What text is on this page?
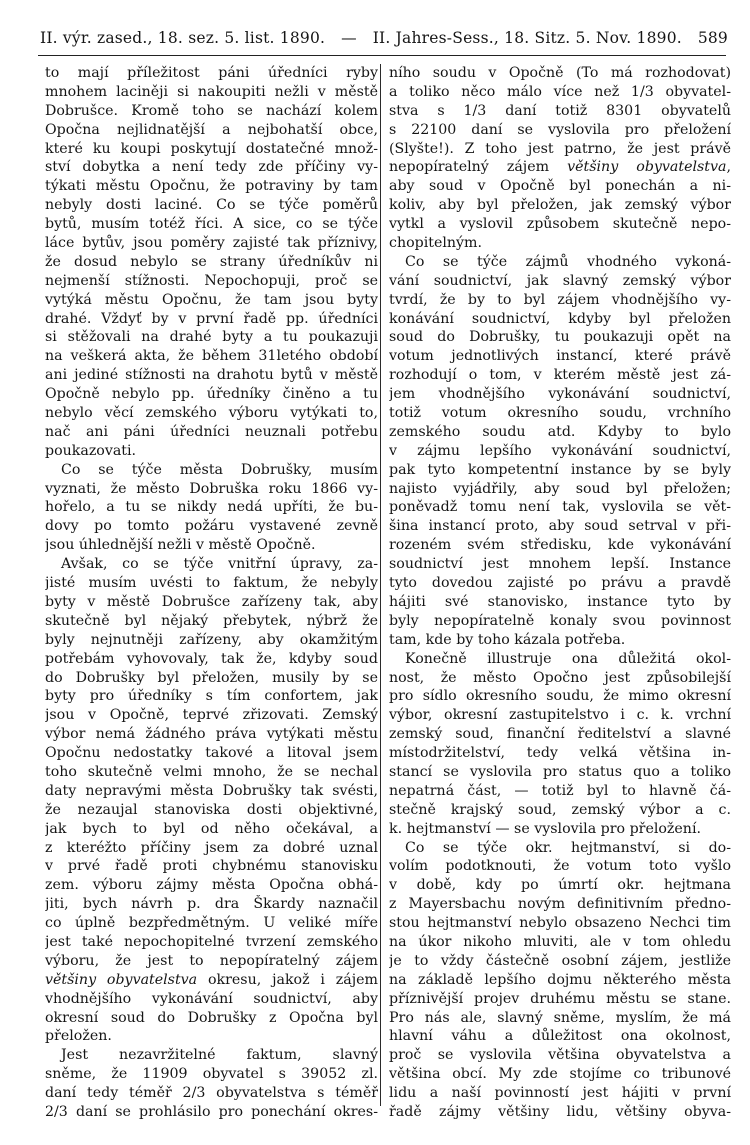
II. výr. zased., 18. sez. 5. list. 1890. — II. Jahres-Sess., 18. Sitz. 5. Nov. 1890. 589
to mají příležitost páni úředníci ryby
mnohem laciněji si nakoupiti nežli v městě
Dobrušce. Kromě toho se nachází kolem
Opočna nejlidnatější a nejbohatší obce,
které ku koupi poskytují dostatečné množ-
ství dobytka a není tedy zde příčiny vy-
týkati městu Opočnu, že potraviny by tam
nebyly dosti laciné. Co se týče poměrů
bytů, musím totéž říci. A sice, co se týče
láce bytův, jsou poměry zajisté tak příznivy,
že dosud nebylo se strany úředníkův ni
nejmenší stížnosti. Nepochopuji, proč se
vytýká městu Opočnu, že tam jsou byty
drahé. Vždyť by v první řadě pp. úředníci
si stěžovali na drahé byty a tu poukazuji
na veškerá akta, že během 31letého období
ani jediné stížnosti na drahotu bytů v městě
Opočně nebylo pp. úředníky činěno a tu
nebylo věcí zemského výboru vytýkati to,
nač ani páni úředníci neuznali potřebu
poukazovati.
Co se týče města Dobrušky, musím
vyznati, že město Dobruška roku 1866 vy-
hořelo, a tu se nikdy nedá upříti, že bu-
dovy po tomto požáru vystavené zevně
jsou úhlednější nežli v městě Opočně.
Avšak, co se týče vnitřní úpravy, za-
jisté musím uvésti to faktum, že nebyly
byty v městě Dobrušce zařízeny tak, aby
skutečně byl nějaký přebytek, nýbrž že
byly nejnutněji zařízeny, aby okamžitým
potřebám vyhovovaly, tak že, kdyby soud
do Dobrušky byl přeložen, musily by se
byty pro úředníky s tím confortem, jak
jsou v Opočně, teprvé zřizovati. Zemský
výbor nemá žádného práva vytýkati městu
Opočnu nedostatky takové a litoval jsem
toho skutečně velmi mnoho, že se nechal
daty nepravými města Dobrušky tak svésti,
že nezaujal stanoviska dosti objektivné,
jak bych to byl od něho očekával, a
z kteréžto příčiny jsem za dobré uznal
v prvé řadě proti chybnému stanovisku
zem. výboru zájmy města Opočna obhá-
jiti, bych návrh p. dra Škardy naznačil
co úplně bezpředmětným. U veliké míře
jest také nepochopitelné tvrzení zemského
výboru, že jest to nepopíratelný zájem
většiny obyvatelstva okresu, jakož i zájem
vhodnějšího vykonávání soudnictví, aby
okresní soud do Dobrušky z Opočna byl
přeložen.
Jest nezavržitelné faktum, slavný
sněme, že 11909 obyvatel s 39052 zl.
daní tedy téměř 2/3 obyvatelstva s téměř
2/3 daní se prohlásilo pro ponechání okres-
ního soudu v Opočně (To má rozhodovat)
a toliko něco málo více než 1/3 obyvatel-
stva s 1/3 daní totiž 8301 obyvatelů
s 22100 daní se vyslovila pro přeložení
(Slyšte!). Z toho jest patrno, že jest právě
nepopíratelný zájem většiny obyvatelstva,
aby soud v Opočně byl ponechán a ni-
koliv, aby byl přeložen, jak zemský výbor
vytkl a vyslovil způsobem skutečně nepo-
chopitelným.
Co se týče zájmů vhodného vykoná-
vání soudnictví, jak slavný zemský výbor
tvrdí, že by to byl zájem vhodnějšího vy-
konávání soudnictví, kdyby byl přeložen
soud do Dobrušky, tu poukazuji opět na
votum jednotlivých instancí, které právě
rozhodují o tom, v kterém městě jest zá-
jem vhodnějšího vykonávání soudnictví,
totiž votum okresního soudu, vrchního
zemského soudu atd. Kdyby to bylo
v zájmu lepšího vykonávání soudnictví,
pak tyto kompetentní instance by se byly
najisto vyjádřily, aby soud byl přeložen;
poněvadž tomu není tak, vyslovila se vět-
šina instancí proto, aby soud setrval v při-
rozeném svém středisku, kde vykonávání
soudnictví jest mnohem lepší. Instance
tyto dovedou zajisté po právu a pravdě
hájiti své stanovisko, instance tyto by
byly nepopíratelně konaly svou povinnost
tam, kde by toho kázala potřeba.
Konečně illustruje ona důležitá okol-
nost, že město Opočno jest způsobilejší
pro sídlo okresního soudu, že mimo okresní
výbor, okresní zastupitelstvo i c. k. vrchní
zemský soud, finanční ředitelství a slavné
místodržitelství, tedy velká většina in-
stancí se vyslovila pro status quo a toliko
nepatrná část, — totiž byl to hlavně čá-
stečně krajský soud, zemský výbor a c.
k. hejtmanství — se vyslovila pro přeložení.
Co se týče okr. hejtmanství, si do-
volím podotknouti, že votum toto vyšlo
v době, kdy po úmrtí okr. hejtmana
z Mayersbachu novým definitivním předno-
stou hejtmanství nebylo obsazeno Nechci tim
na úkor nikoho mluviti, ale v tom ohledu
je to vždy částečně osobní zájem, jestliže
na základě lepšího dojmu některého města
příznivější projev druhému městu se stane.
Pro nás ale, slavný sněme, myslím, že má
hlavní váhu a důležitost ona okolnost,
proč se vyslovila většina obyvatelstva a
většina obcí. My zde stojíme co tribunové
lidu a naší povinností jest hájiti v první
řadě zájmy většiny lidu, většiny obyva-
